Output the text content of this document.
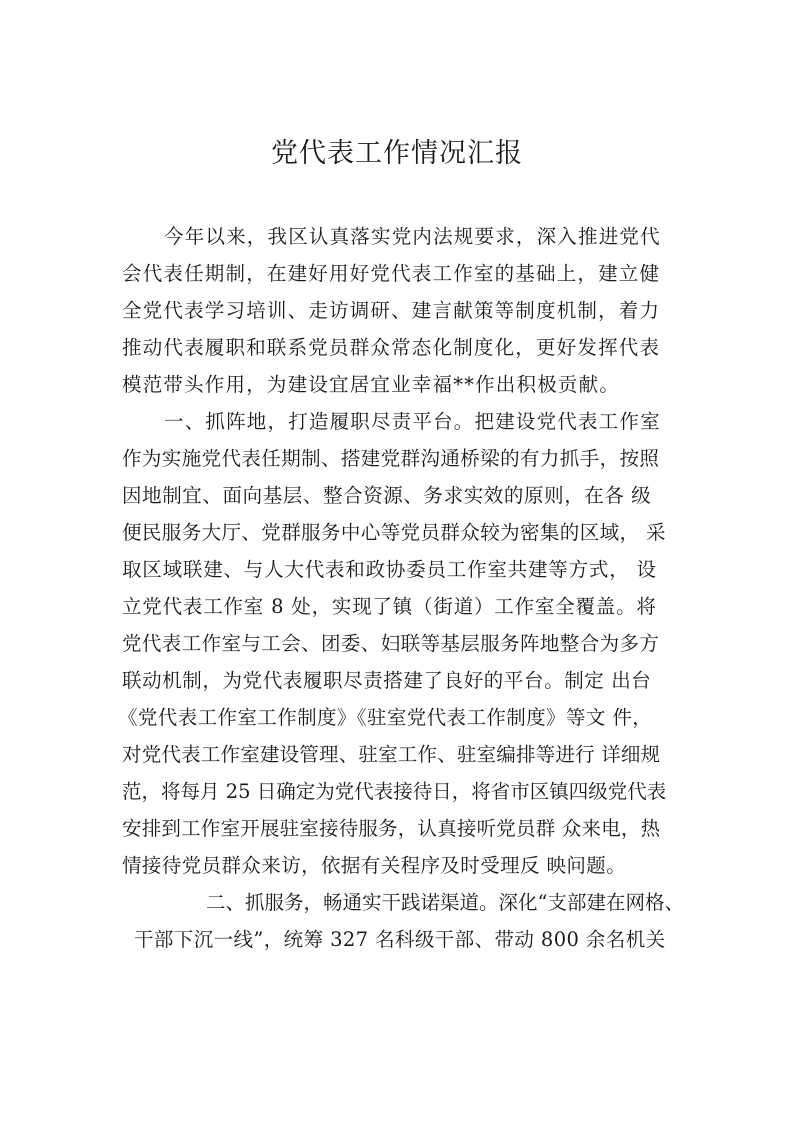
党代表工作情况汇报
今年以来，我区认真落实党内法规要求，深入推进党代
会代表任期制，在建好用好党代表工作室的基础上，建立健
全党代表学习培训、走访调研、建言献策等制度机制，着力
推动代表履职和联系党员群众常态化制度化，更好发挥代表
模范带头作用，为建设宜居宜业幸福**作出积极贡献。
一、抓阵地，打造履职尽责平台。把建设党代表工作室
作为实施党代表任期制、搭建党群沟通桥梁的有力抓手，按照
因地制宜、面向基层、整合资源、务求实效的原则，在各 级
便民服务大厅、党群服务中心等党员群众较为密集的区域， 采
取区域联建、与人大代表和政协委员工作室共建等方式， 设
立党代表工作室 8 处，实现了镇（街道）工作室全覆盖。将
党代表工作室与工会、团委、妇联等基层服务阵地整合为多方
联动机制，为党代表履职尽责搭建了良好的平台。制定 出台
《党代表工作室工作制度》《驻室党代表工作制度》等文 件，
对党代表工作室建设管理、驻室工作、驻室编排等进行 详细规
范，将每月 25 日确定为党代表接待日，将省市区镇四级党代表
安排到工作室开展驻室接待服务，认真接听党员群 众来电，热
情接待党员群众来访，依据有关程序及时受理反 映问题。
二、抓服务，畅通实干践诺渠道。深化“支部建在网格、
干部下沉一线”，统筹 327 名科级干部、带动 800 余名机关
